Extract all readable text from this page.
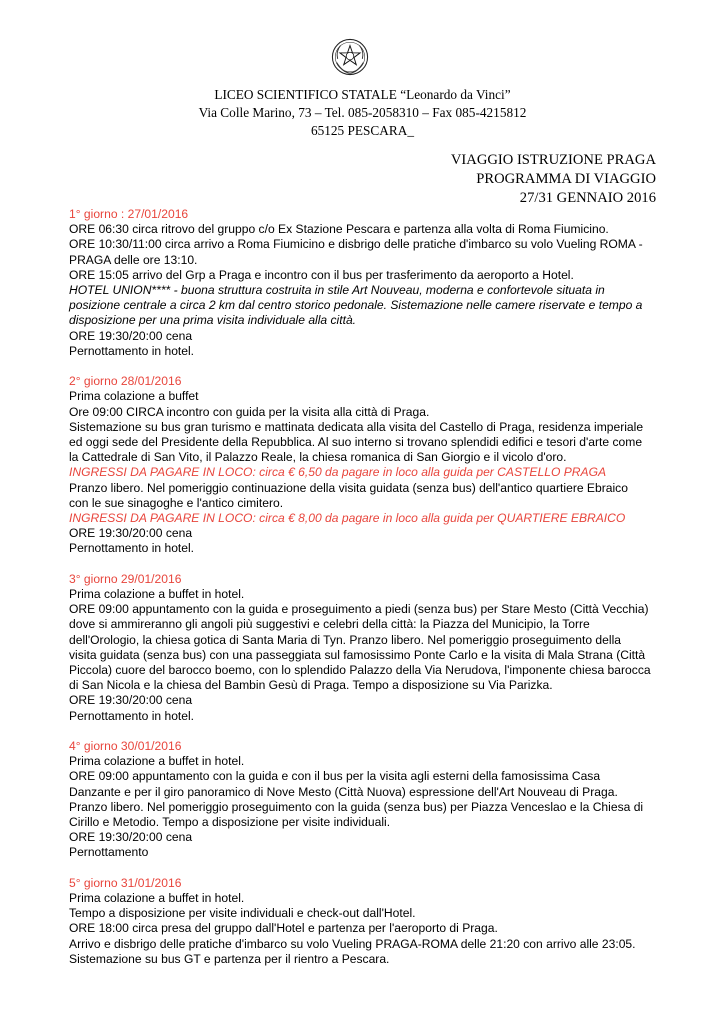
LICEO SCIENTIFICO STATALE “Leonardo da Vinci”
Via Colle Marino, 73 – Tel. 085-2058310 – Fax 085-4215812
65125 PESCARA_
VIAGGIO ISTRUZIONE PRAGA
PROGRAMMA DI VIAGGIO
27/31 GENNAIO 2016
1° giorno : 27/01/2016
ORE 06:30 circa ritrovo del gruppo c/o Ex Stazione Pescara e partenza alla volta di Roma Fiumicino.
ORE 10:30/11:00 circa arrivo a Roma Fiumicino e disbrigo delle pratiche d'imbarco su volo Vueling ROMA -
PRAGA delle ore 13:10.
ORE 15:05 arrivo del Grp a Praga e incontro con il bus per trasferimento da aeroporto a Hotel.
HOTEL UNION**** - buona struttura costruita in stile Art Nouveau, moderna e confortevole situata in
posizione centrale a circa 2 km dal centro storico pedonale. Sistemazione nelle camere riservate e tempo a
disposizione per una prima visita individuale alla città.
ORE 19:30/20:00 cena
Pernottamento in hotel.
2° giorno 28/01/2016
Prima colazione a buffet
Ore 09:00 CIRCA incontro con guida per la visita alla città di Praga.
Sistemazione su bus gran turismo e mattinata dedicata alla visita del Castello di Praga, residenza imperiale
ed oggi sede del Presidente della Repubblica. Al suo interno si trovano splendidi edifici e tesori d'arte come
la Cattedrale di San Vito, il Palazzo Reale, la chiesa romanica di San Giorgio e il vicolo d'oro.
INGRESSI DA PAGARE IN LOCO: circa € 6,50 da pagare in loco alla guida per CASTELLO PRAGA
Pranzo libero. Nel pomeriggio continuazione della visita guidata (senza bus) dell'antico quartiere Ebraico
con le sue sinagoghe e l'antico cimitero.
INGRESSI DA PAGARE IN LOCO: circa € 8,00 da pagare in loco alla guida per QUARTIERE EBRAICO
ORE 19:30/20:00 cena
Pernottamento in hotel.
3° giorno 29/01/2016
Prima colazione a buffet in hotel.
ORE 09:00 appuntamento con la guida e proseguimento a piedi (senza bus) per Stare Mesto (Città Vecchia)
dove si ammireranno gli angoli più suggestivi e celebri della città: la Piazza del Municipio, la Torre
dell'Orologio, la chiesa gotica di Santa Maria di Tyn. Pranzo libero. Nel pomeriggio proseguimento della
visita guidata (senza bus) con una passeggiata sul famosissimo Ponte Carlo e la visita di Mala Strana (Città
Piccola) cuore del barocco boemo, con lo splendido Palazzo della Via Nerudova, l'imponente chiesa barocca
di San Nicola e la chiesa del Bambin Gesù di Praga. Tempo a disposizione su Via Parizka.
ORE 19:30/20:00 cena
Pernottamento in hotel.
4° giorno 30/01/2016
Prima colazione a buffet in hotel.
ORE 09:00 appuntamento con la guida e con il bus per la visita agli esterni della famosissima Casa
Danzante e per il giro panoramico di Nove Mesto (Città Nuova) espressione dell'Art Nouveau di Praga.
Pranzo libero. Nel pomeriggio proseguimento con la guida (senza bus) per Piazza Venceslao e la Chiesa di
Cirillo e Metodio. Tempo a disposizione per visite individuali.
ORE 19:30/20:00 cena
Pernottamento
5° giorno 31/01/2016
Prima colazione a buffet in hotel.
Tempo a disposizione per visite individuali e check-out dall'Hotel.
ORE 18:00 circa presa del gruppo dall'Hotel e partenza per l'aeroporto di Praga.
Arrivo e disbrigo delle pratiche d'imbarco su volo Vueling PRAGA-ROMA delle 21:20 con arrivo alle 23:05.
Sistemazione su bus GT e partenza per il rientro a Pescara.
